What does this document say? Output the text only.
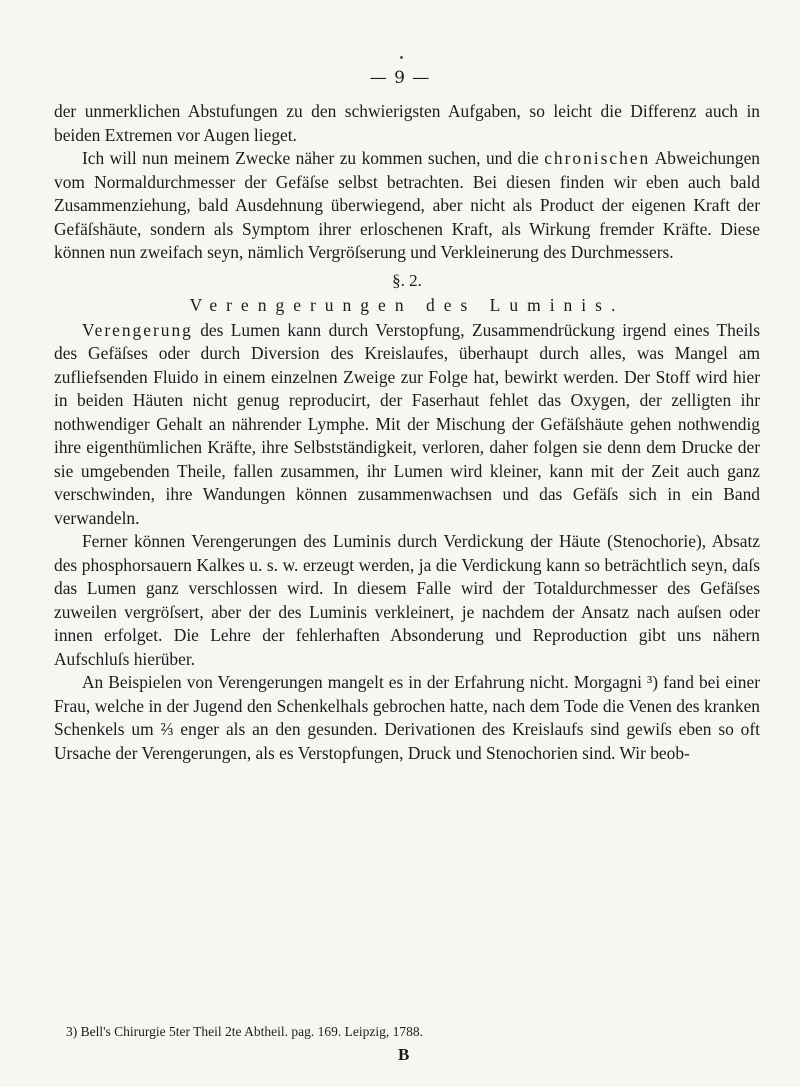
— 9 —

der unmerklichen Abstufungen zu den schwierigsten Aufgaben, so leicht die Differenz auch in beiden Extremen vor Augen lieget.

Ich will nun meinem Zwecke näher zu kommen suchen, und die chronischen Abweichungen vom Normaldurchmesser der Gefäſse selbst betrachten. Bei diesen finden wir eben auch bald Zusammenziehung, bald Ausdehnung überwiegend, aber nicht als Product der eigenen Kraft der Gefäſshäute, sondern als Symptom ihrer erloschenen Kraft, als Wirkung fremder Kräfte. Diese können nun zweifach seyn, nämlich Vergröſserung und Verkleinerung des Durchmessers.

§. 2.
Verengerungen des Luminis.

Verengerung des Lumen kann durch Verstopfung, Zusammendrückung irgend eines Theils des Gefäſses oder durch Diversion des Kreislaufes, überhaupt durch alles, was Mangel am zufliefsenden Fluido in einem einzelnen Zweige zur Folge hat, bewirkt werden. Der Stoff wird hier in beiden Häuten nicht genug reproducirt, der Faserhaut fehlet das Oxygen, der zelligten ihr nothwendiger Gehalt an nährender Lymphe. Mit der Mischung der Gefäſshäute gehen nothwendig ihre eigenthümlichen Kräfte, ihre Selbstständigkeit, verloren, daher folgen sie denn dem Drucke der sie umgebenden Theile, fallen zusammen, ihr Lumen wird kleiner, kann mit der Zeit auch ganz verschwinden, ihre Wandungen können zusammenwachsen und das Gefäſs sich in ein Band verwandeln.

Ferner können Verengerungen des Luminis durch Verdickung der Häute (Stenochorie), Absatz des phosphorsauern Kalkes u. s. w. erzeugt werden, ja die Verdickung kann so beträchtlich seyn, daſs das Lumen ganz verschlossen wird. In diesem Falle wird der Totaldurchmesser des Gefäſses zuweilen vergröſsert, aber der des Luminis verkleinert, je nachdem der Ansatz nach auſsen oder innen erfolget. Die Lehre der fehlerhaften Absonderung und Reproduction gibt uns nähern Aufschluſs hierüber.

An Beispielen von Verengerungen mangelt es in der Erfahrung nicht. Morgagni ³) fand bei einer Frau, welche in der Jugend den Schenkelhals gebrochen hatte, nach dem Tode die Venen des kranken Schenkels um ⅔ enger als an den gesunden. Derivationen des Kreislaufs sind gewiſs eben so oft Ursache der Verengerungen, als es Verstopfungen, Druck und Stenochorien sind. Wir beob-

3) Bell's Chirurgie 5ter Theil 2te Abtheil. pag. 169. Leipzig, 1788.
B
